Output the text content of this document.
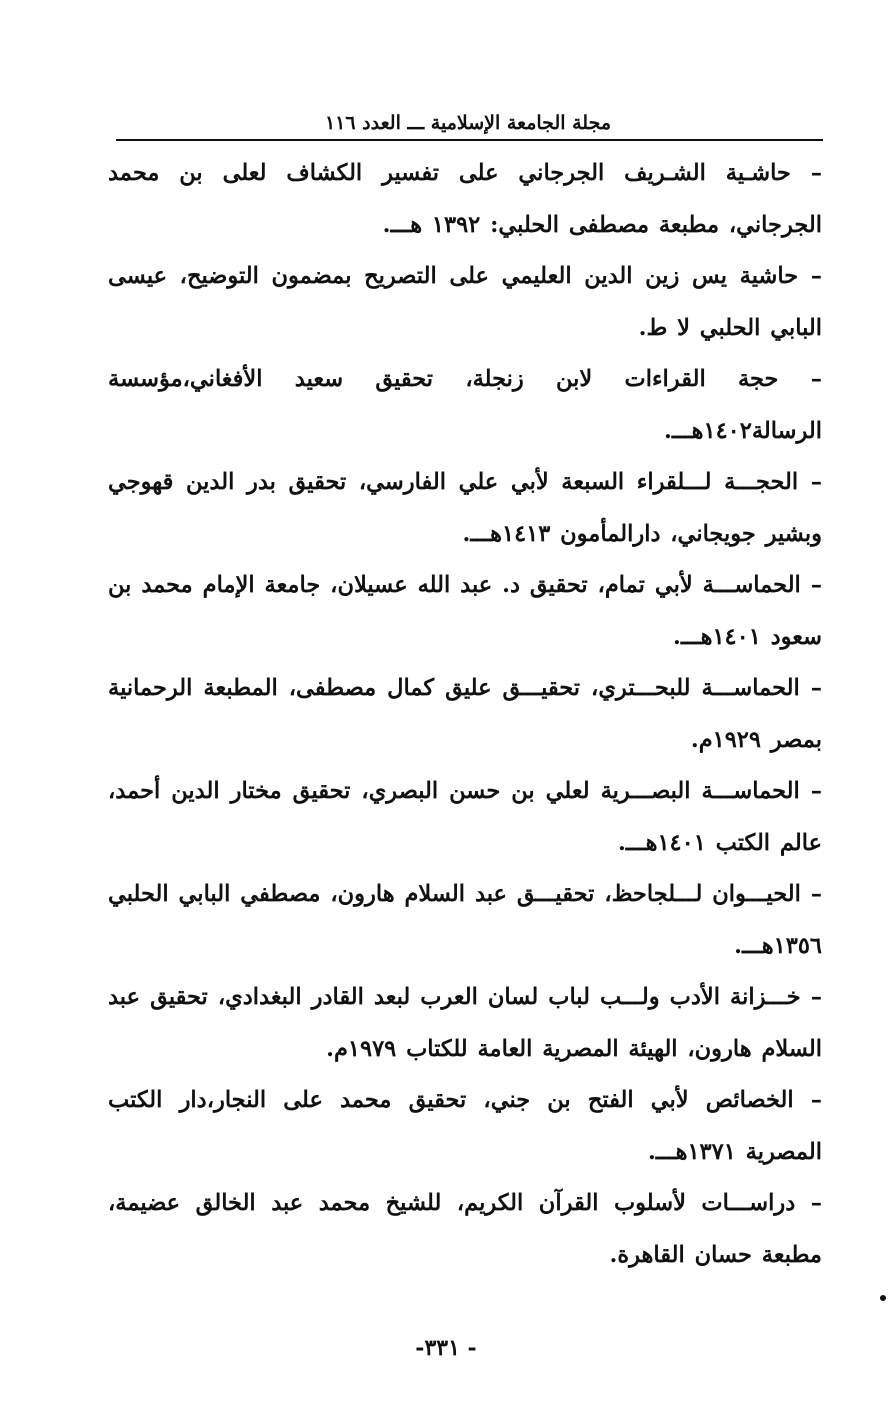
مجلة الجامعة الإسلامية ـــ العدد ١١٦

– حاشـية الشـريف الجرجاني على تفسير الكشاف لعلى بن محمد الجرجاني، مطبعة مصطفى الحلبي: ١٣٩٢ هـــ.

– حاشية يس زين الدين العليمي على التصريح بمضمون التوضيح، عيسى البابي الحلبي لا ط.

– حجة القراءات لابن زنجلة، تحقيق سعيد الأفغاني،مؤسسة الرسالة١٤٠٢هـــ.

– الحجـــة لـــلقراء السبعة لأبي علي الفارسي، تحقيق بدر الدين قهوجي وبشير جويجاني، دارالمأمون ١٤١٣هـــ.

– الحماســـة لأبي تمام، تحقيق د. عبد الله عسيلان، جامعة الإمام محمد بن سعود ١٤٠١هـــ.

– الحماســـة للبحـــتري، تحقيـــق عليق كمال مصطفى، المطبعة الرحمانية بمصر ١٩٢٩م.

– الحماســـة البصـــرية لعلي بن حسن البصري، تحقيق مختار الدين أحمد، عالم الكتب ١٤٠١هـــ.

– الحيـــوان لـــلجاحظ، تحقيـــق عبد السلام هارون، مصطفي البابي الحلبي ١٣٥٦هـــ.

– خـــزانة الأدب ولـــب لباب لسان العرب لبعد القادر البغدادي، تحقيق عبد السلام هارون، الهيئة المصرية العامة للكتاب ١٩٧٩م.

– الخصائص لأبي الفتح بن جني، تحقيق محمد على النجار،دار الكتب المصرية ١٣٧١هـــ.

– دراســـات لأسلوب القرآن الكريم، للشيخ محمد عبد الخالق عضيمة، مطبعة حسان القاهرة.

-٣٣١ -
